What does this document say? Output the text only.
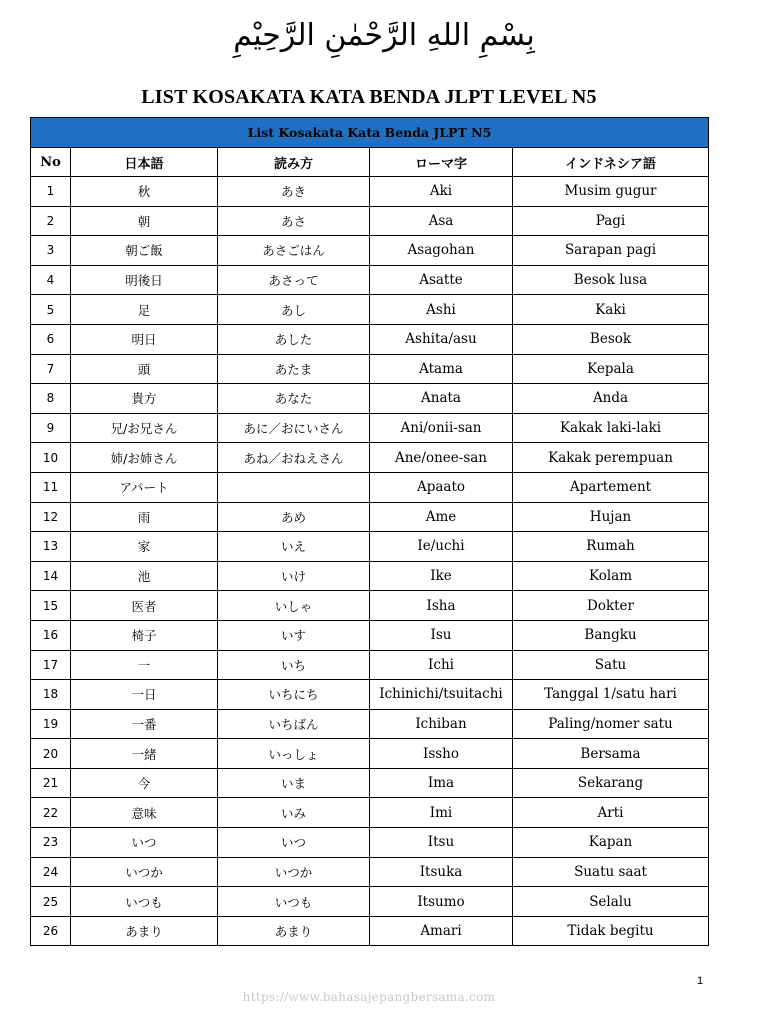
بِسْمِ اللهِ الرَّحْمٰنِ الرَّحِيْمِ
LIST KOSAKATA KATA BENDA JLPT LEVEL N5
List Kosakata Kata Benda JLPT N5				
No	日本語	読み方	ローマ字	インドネシア語
1	秋	あき	Aki	Musim gugur
2	朝	あさ	Asa	Pagi
3	朝ご飯	あさごはん	Asagohan	Sarapan pagi
4	明後日	あさって	Asatte	Besok lusa
5	足	あし	Ashi	Kaki
6	明日	あした	Ashita/asu	Besok
7	頭	あたま	Atama	Kepala
8	貴方	あなた	Anata	Anda
9	兄/お兄さん	あに／おにいさん	Ani/onii-san	Kakak laki-laki
10	姉/お姉さん	あね／おねえさん	Ane/onee-san	Kakak perempuan
11	アパート		Apaato	Apartement
12	雨	あめ	Ame	Hujan
13	家	いえ	Ie/uchi	Rumah
14	池	いけ	Ike	Kolam
15	医者	いしゃ	Isha	Dokter
16	椅子	いす	Isu	Bangku
17	一	いち	Ichi	Satu
18	一日	いちにち	Ichinichi/tsuitachi	Tanggal 1/satu hari
19	一番	いちばん	Ichiban	Paling/nomer satu
20	一緒	いっしょ	Issho	Bersama
21	今	いま	Ima	Sekarang
22	意味	いみ	Imi	Arti
23	いつ	いつ	Itsu	Kapan
24	いつか	いつか	Itsuka	Suatu saat
25	いつも	いつも	Itsumo	Selalu
26	あまり	あまり	Amari	Tidak begitu
1
https://www.bahasajepangbersama.com
